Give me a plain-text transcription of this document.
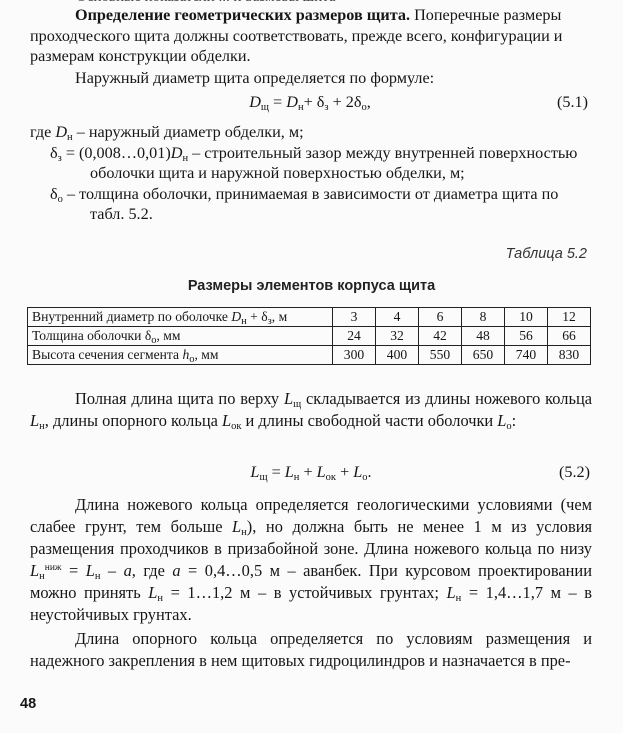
Определение геометрических размеров щита. Поперечные размеры проходческого щита должны соответствовать, прежде всего, конфигурации и размерам конструкции обделки.

Наружный диаметр щита определяется по формуле:

$D_щ = D_н+ \delta_з + 2\delta_о$,	(5.1)

где $D_н$ – наружный диаметр обделки, м;

$\delta_з$ = $(0,008\dots 0,01)D_н$ – строительный зазор между внутренней поверхностью оболочки щита и наружной поверхностью обделки, м;

$\delta_о$ – толщина оболочки, принимаемая в зависимости от диаметра щита по табл. 5.2.

Таблица 5.2
Размеры элементов корпуса щита
Внутренний диаметр по оболочке $D_н + \delta_з$, м	3	4	6	8	10	12
Толщина оболочки $\delta_о$, мм	24	32	42	48	56	66
Высота сечения сегмента $h_о$, мм	300	400	550	650	740	830

Полная длина щита по верху $L_щ$ складывается из длины ножевого кольца $L_н$, длины опорного кольца $L_{ок}$ и длины свободной части оболочки $L_о$:

$L_щ = L_н + L_{ок} + L_о$.	(5.2)

Длина ножевого кольца определяется геологическими условиями (чем слабее грунт, тем больше $L_н$), но должна быть не менее 1 м из условия размещения проходчиков в призабойной зоне. Длина ножевого кольца по низу $L_н^{ниж} = L_н - a$, где a = 0,4…0,5 м – аванбек. При курсовом проектировании можно принять $L_н$ = 1…1,2 м – в устойчивых грунтах; $L_н$ = 1,4…1,7 м – в неустойчивых грунтах.

Длина опорного кольца определяется по условиям размещения и надежного закрепления в нем щитовых гидроцилиндров и назначается в пре-

48
